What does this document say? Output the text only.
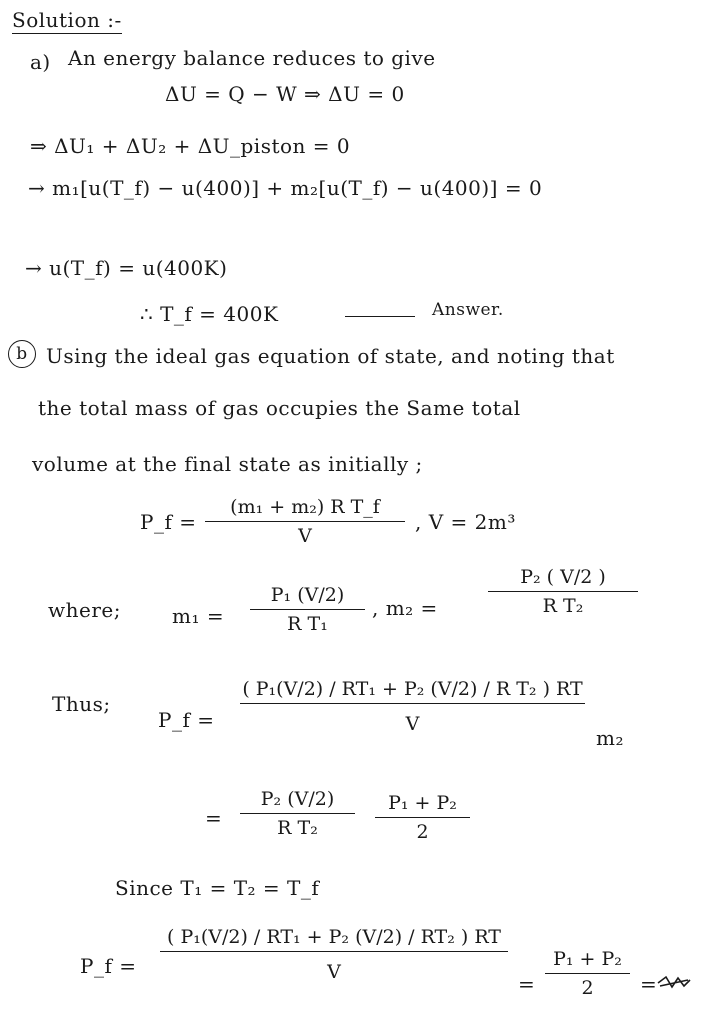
Solution :-
a) An energy balance reduces to give
ΔU = Q − W ⇒ ΔU = 0
⇒ ΔU₁ + ΔU₂ + ΔU_piston = 0
→ m₁[u(T_f) − u(400)] + m₂[u(T_f) − u(400)] = 0
→ u(T_f) = u(400K)
∴ T_f = 400K	Answer.
b Using the ideal gas equation of state, and noting that
the total mass of gas occupies the Same total
volume at the final state as initially ;
P_f =
(m₁ + m₂) R T_f
V
, V = 2m³
where;	m₁ =
P₁ (V/2)
R T₁
, m₂ =
P₂ ( V/2 )
R T₂
Thus;
P_f =
( P₁(V/2) / RT₁ + P₂ (V/2) / R T₂ ) RT
V
m₂
=
P₂ (V/2)
R T₂
P₁ + P₂
2
Since T₁ = T₂ = T_f
P_f =
( P₁(V/2) / RT₁ + P₂ (V/2) / RT₂ ) RT
V	=
P₁ + P₂
2 =
